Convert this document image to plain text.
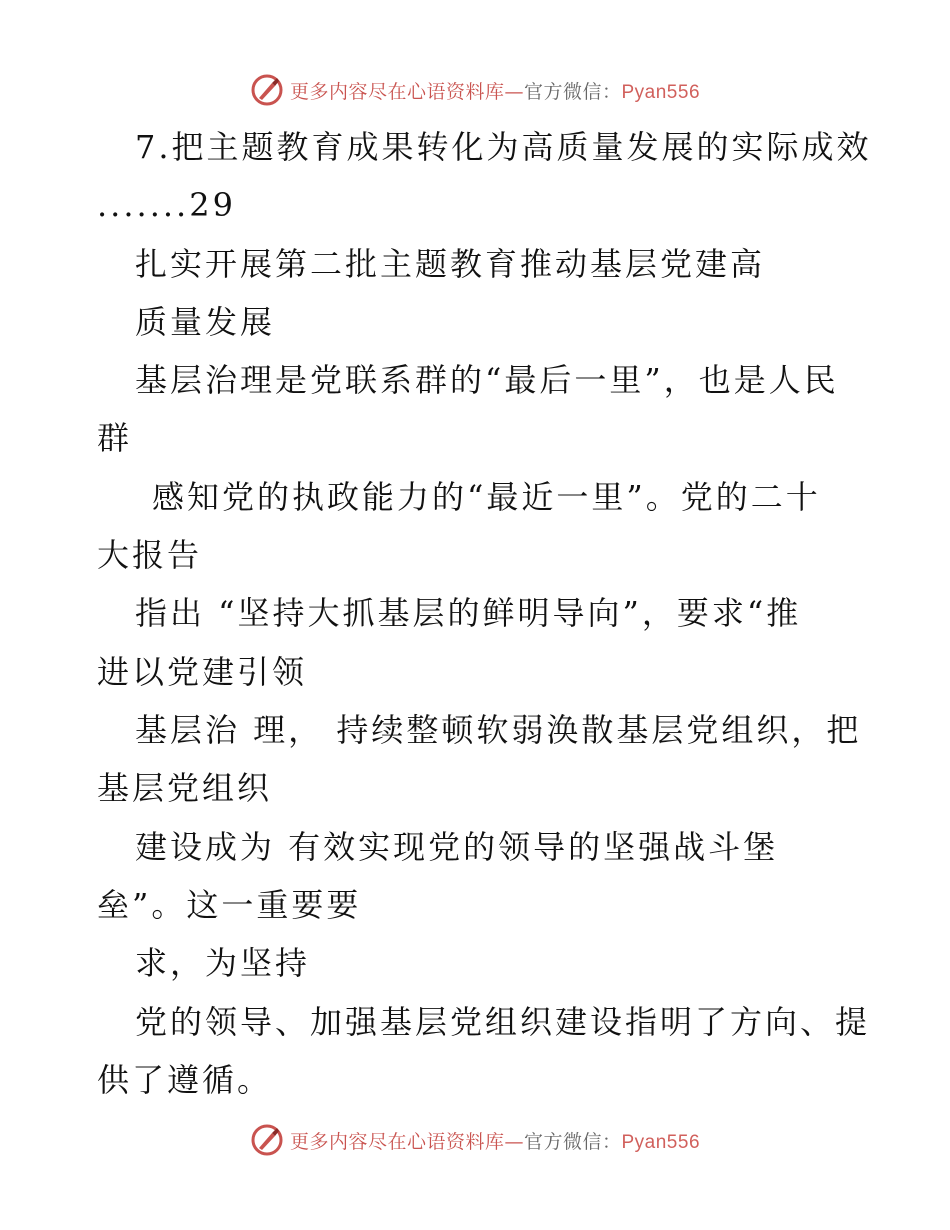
更多内容尽在心语资料库—官方微信：Pyan556
7.把主题教育成果转化为高质量发展的实际成效
.......29
扎实开展第二批主题教育推动基层党建高
质量发展
基层治理是党联系群的“最后一里”，也是人民
群
感知党的执政能力的“最近一里”。党的二十
大报告
指出 “坚持大抓基层的鲜明导向”，要求“推
进以党建引领
基层治 理， 持续整顿软弱涣散基层党组织，把
基层党组织
建设成为 有效实现党的领导的坚强战斗堡
垒”。这一重要要
求，为坚持
党的领导、加强基层党组织建设指明了方向、提
供了遵循。
更多内容尽在心语资料库—官方微信：Pyan556
